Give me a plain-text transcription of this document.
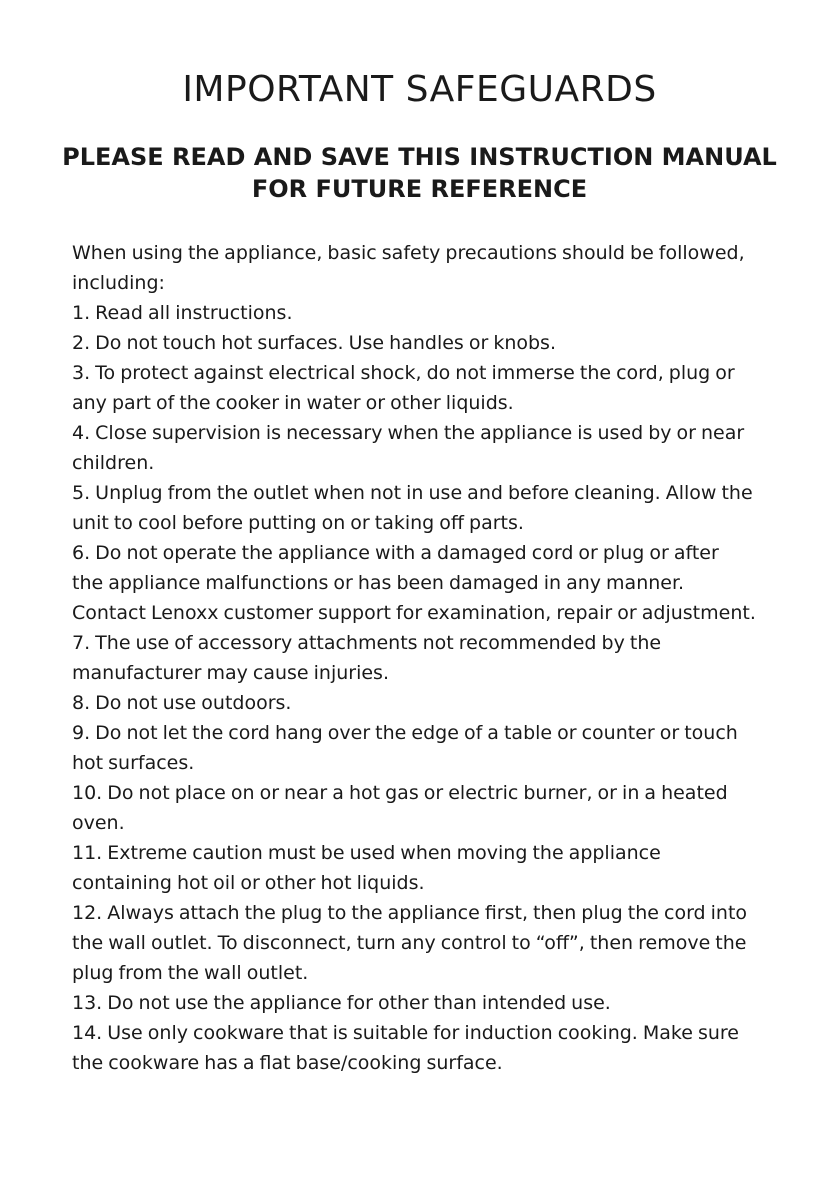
IMPORTANT SAFEGUARDS
PLEASE READ AND SAVE THIS INSTRUCTION MANUAL
FOR FUTURE REFERENCE
When using the appliance, basic safety precautions should be followed,
including:
1. Read all instructions.
2. Do not touch hot surfaces. Use handles or knobs.
3. To protect against electrical shock, do not immerse the cord, plug or
any part of the cooker in water or other liquids.
4. Close supervision is necessary when the appliance is used by or near
children.
5. Unplug from the outlet when not in use and before cleaning. Allow the
unit to cool before putting on or taking off parts.
6. Do not operate the appliance with a damaged cord or plug or after
the appliance malfunctions or has been damaged in any manner.
Contact Lenoxx customer support for examination, repair or adjustment.
7. The use of accessory attachments not recommended by the
manufacturer may cause injuries.
8. Do not use outdoors.
9. Do not let the cord hang over the edge of a table or counter or touch
hot surfaces.
10. Do not place on or near a hot gas or electric burner, or in a heated
oven.
11. Extreme caution must be used when moving the appliance
containing hot oil or other hot liquids.
12. Always attach the plug to the appliance first, then plug the cord into
the wall outlet. To disconnect, turn any control to “off”, then remove the
plug from the wall outlet.
13. Do not use the appliance for other than intended use.
14. Use only cookware that is suitable for induction cooking. Make sure
the cookware has a flat base/cooking surface.
